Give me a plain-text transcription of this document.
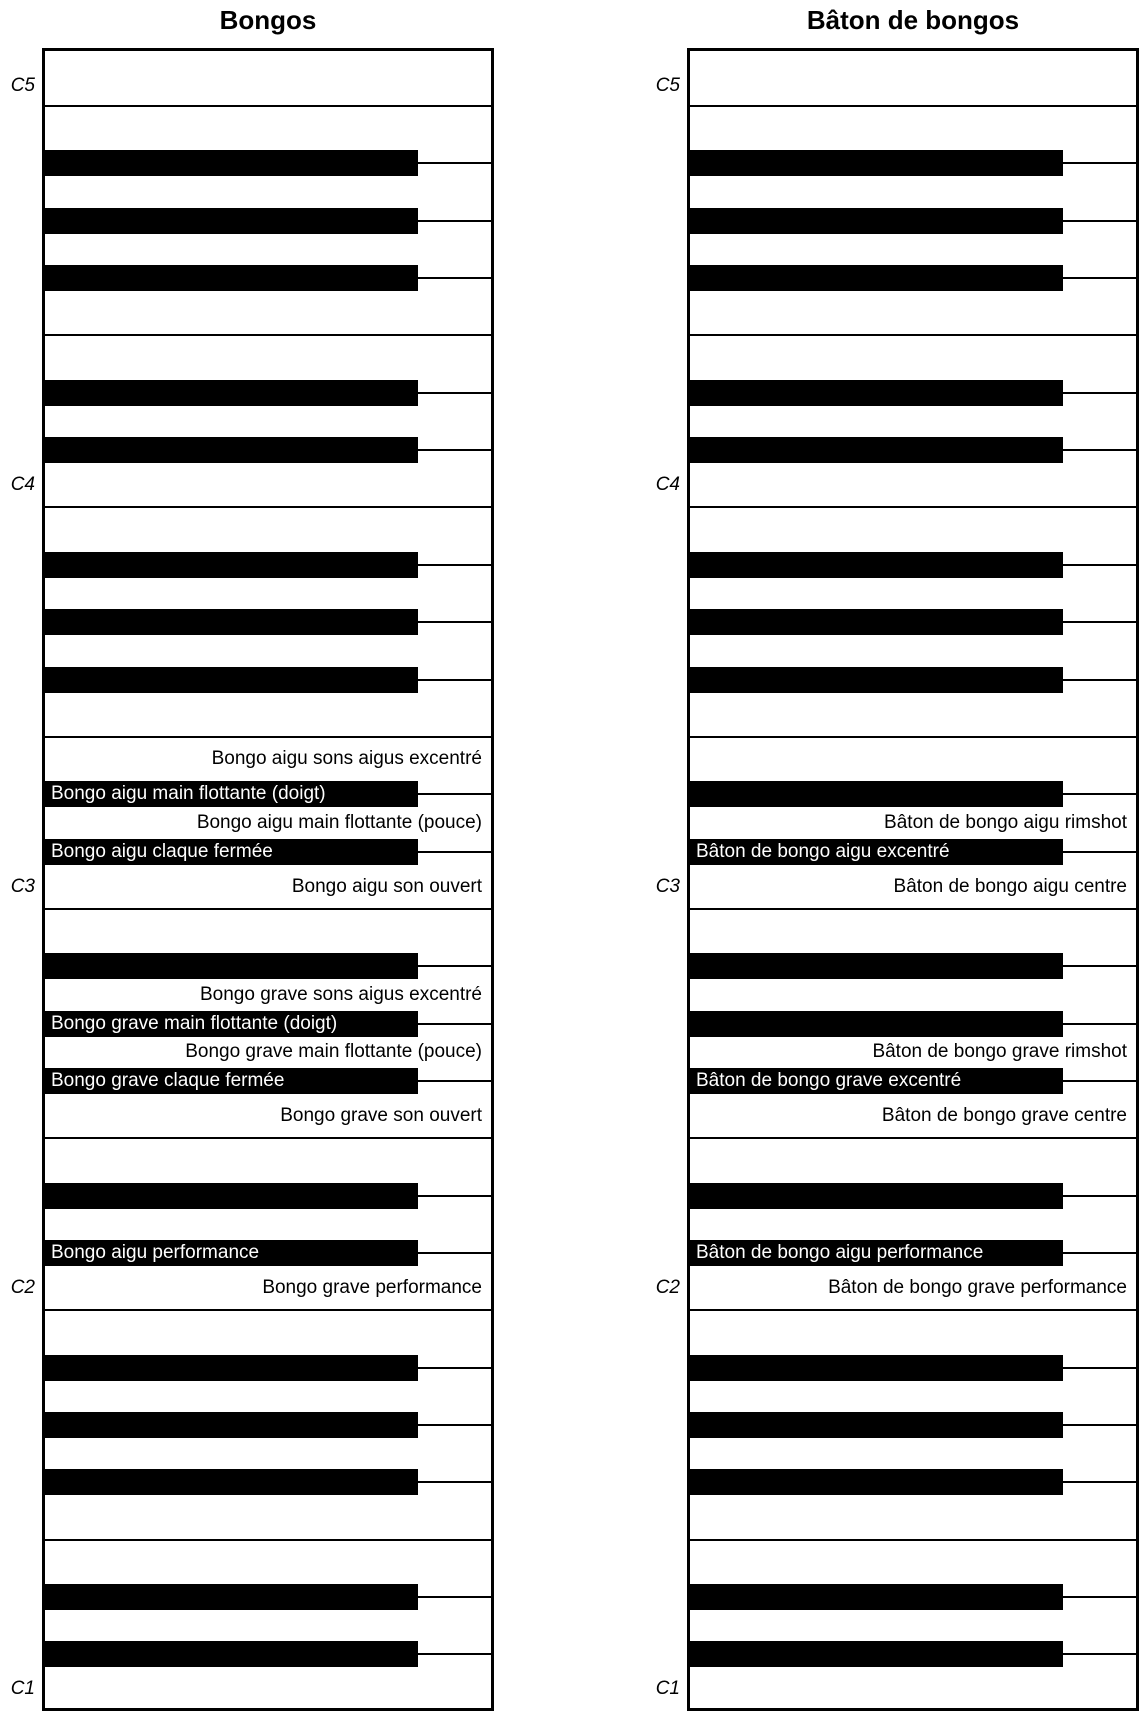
Bongos
Bongo aigu main flottante (doigt)
Bongo aigu claque fermée
Bongo grave main flottante (doigt)
Bongo grave claque fermée
Bongo aigu performance
C5
C4
Bongo aigu sons aigus excentré
Bongo aigu main flottante (pouce)
Bongo aigu son ouvert
C3
Bongo grave sons aigus excentré
Bongo grave main flottante (pouce)
Bongo grave son ouvert
Bongo grave performance
C2
C1
Bâton de bongos
Bâton de bongo aigu excentré
Bâton de bongo grave excentré
Bâton de bongo aigu performance
C5
C4
Bâton de bongo aigu rimshot
Bâton de bongo aigu centre
C3
Bâton de bongo grave rimshot
Bâton de bongo grave centre
Bâton de bongo grave performance
C2
C1
